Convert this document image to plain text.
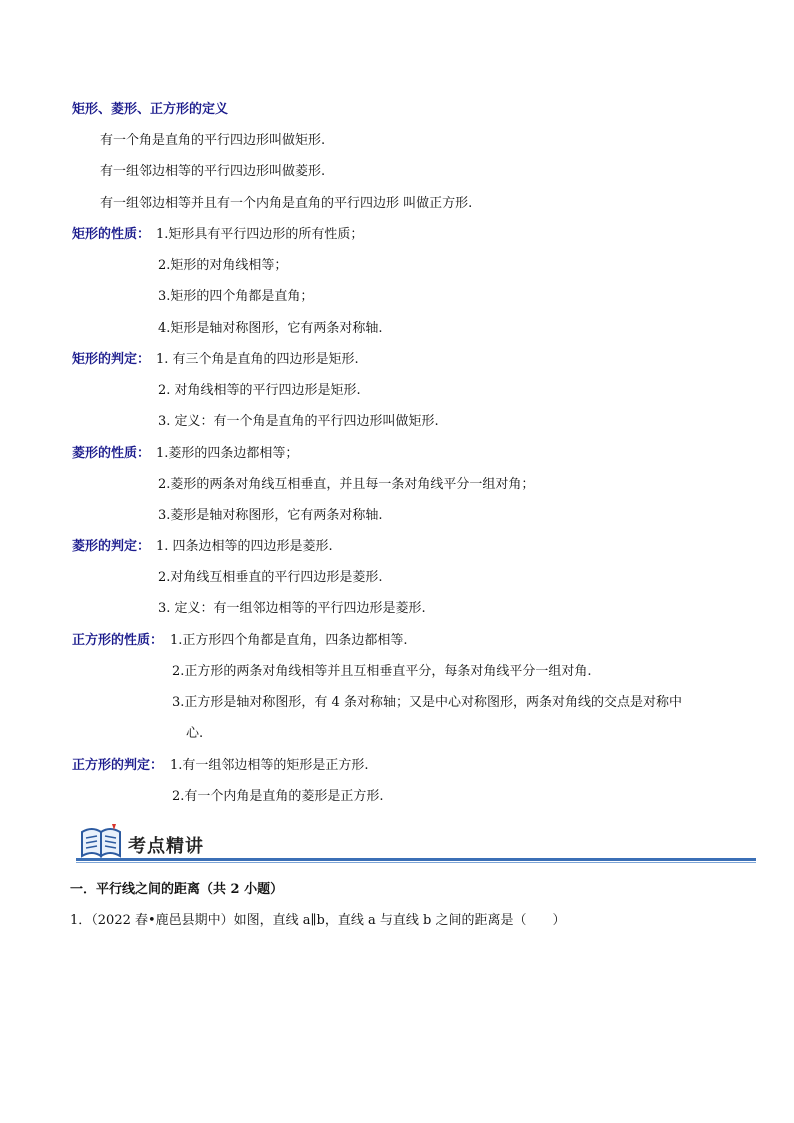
矩形、菱形、正方形的定义
有一个角是直角的平行四边形叫做矩形.
有一组邻边相等的平行四边形叫做菱形.
有一组邻边相等并且有一个内角是直角的平行四边形 叫做正方形.
矩形的性质： 1.矩形具有平行四边形的所有性质；
2.矩形的对角线相等；
3.矩形的四个角都是直角；
4.矩形是轴对称图形，它有两条对称轴.
矩形的判定： 1. 有三个角是直角的四边形是矩形.
2. 对角线相等的平行四边形是矩形.
3. 定义：有一个角是直角的平行四边形叫做矩形.
菱形的性质： 1.菱形的四条边都相等；
2.菱形的两条对角线互相垂直，并且每一条对角线平分一组对角；
3.菱形是轴对称图形，它有两条对称轴.
菱形的判定： 1. 四条边相等的四边形是菱形.
2.对角线互相垂直的平行四边形是菱形.
3. 定义：有一组邻边相等的平行四边形是菱形.
正方形的性质： 1.正方形四个角都是直角，四条边都相等.
2.正方形的两条对角线相等并且互相垂直平分，每条对角线平分一组对角.
3.正方形是轴对称图形，有 4 条对称轴；又是中心对称图形，两条对角线的交点是对称中
心.
正方形的判定： 1.有一组邻边相等的矩形是正方形.
2.有一个内角是直角的菱形是正方形.
考点精讲
一．平行线之间的距离（共 2 小题）
1．（2022 春•鹿邑县期中）如图，直线 a∥b，直线 a 与直线 b 之间的距离是（　　）
